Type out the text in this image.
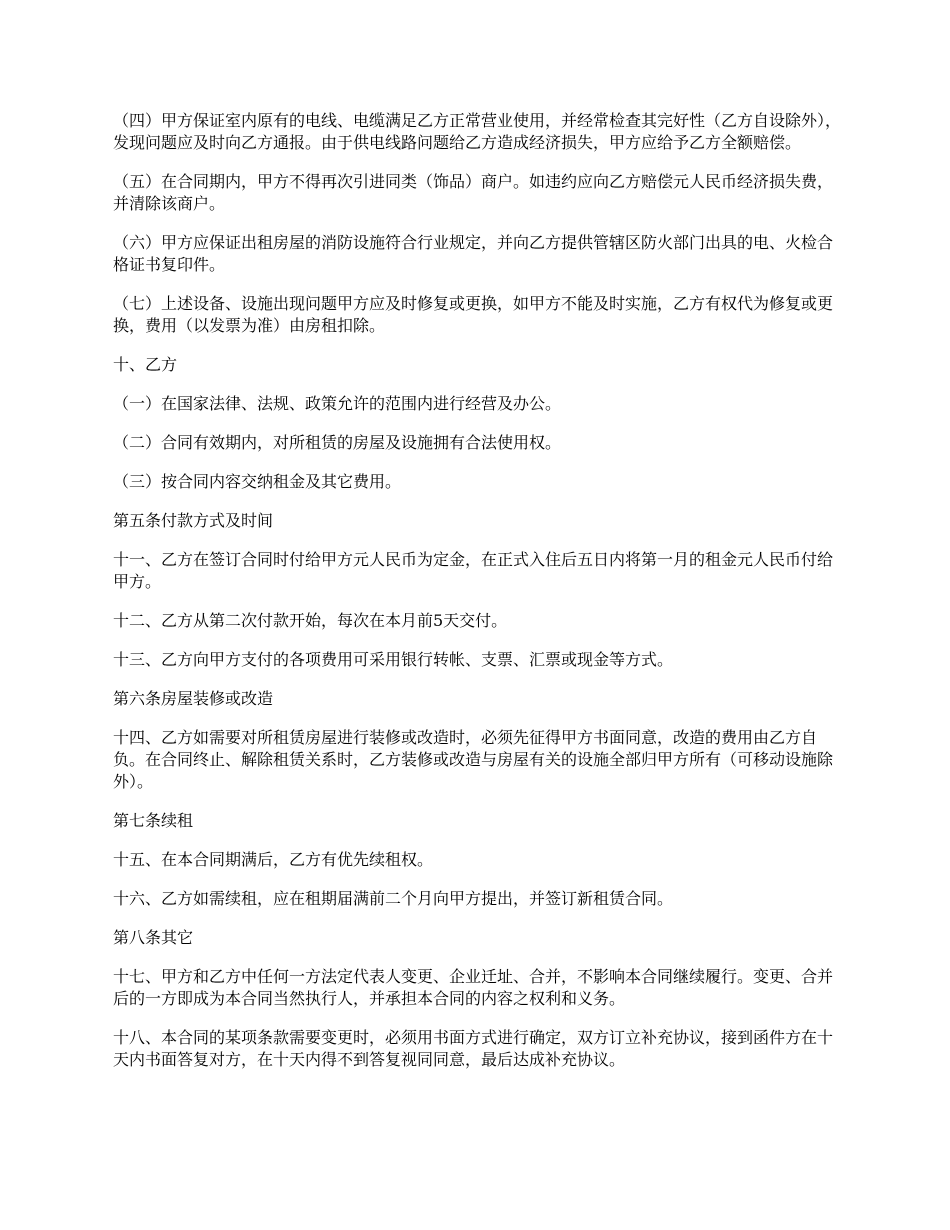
（四）甲方保证室内原有的电线、电缆满足乙方正常营业使用，并经常检查其完好性（乙方自设除外），发现问题应及时向乙方通报。由于供电线路问题给乙方造成经济损失，甲方应给予乙方全额赔偿。

（五）在合同期内，甲方不得再次引进同类（饰品）商户。如违约应向乙方赔偿元人民币经济损失费，并清除该商户。

（六）甲方应保证出租房屋的消防设施符合行业规定，并向乙方提供管辖区防火部门出具的电、火检合格证书复印件。

（七）上述设备、设施出现问题甲方应及时修复或更换，如甲方不能及时实施，乙方有权代为修复或更换，费用（以发票为准）由房租扣除。

十、乙方

（一）在国家法律、法规、政策允许的范围内进行经营及办公。

（二）合同有效期内，对所租赁的房屋及设施拥有合法使用权。

（三）按合同内容交纳租金及其它费用。

第五条付款方式及时间

十一、乙方在签订合同时付给甲方元人民币为定金，在正式入住后五日内将第一月的租金元人民币付给甲方。

十二、乙方从第二次付款开始，每次在本月前5天交付。

十三、乙方向甲方支付的各项费用可采用银行转帐、支票、汇票或现金等方式。

第六条房屋装修或改造

十四、乙方如需要对所租赁房屋进行装修或改造时，必须先征得甲方书面同意，改造的费用由乙方自负。在合同终止、解除租赁关系时，乙方装修或改造与房屋有关的设施全部归甲方所有（可移动设施除外）。

第七条续租

十五、在本合同期满后，乙方有优先续租权。

十六、乙方如需续租，应在租期届满前二个月向甲方提出，并签订新租赁合同。

第八条其它

十七、甲方和乙方中任何一方法定代表人变更、企业迁址、合并，不影响本合同继续履行。变更、合并后的一方即成为本合同当然执行人，并承担本合同的内容之权利和义务。

十八、本合同的某项条款需要变更时，必须用书面方式进行确定，双方订立补充协议，接到函件方在十天内书面答复对方，在十天内得不到答复视同同意，最后达成补充协议。
